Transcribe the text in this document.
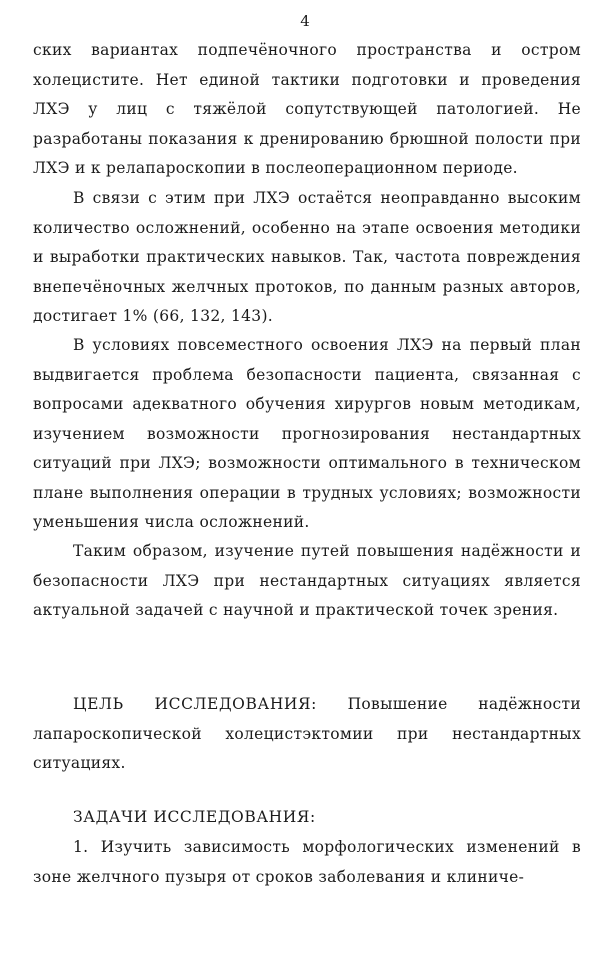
4

ских вариантах подпечёночного пространства и остром холецистите. Нет единой тактики подготовки и проведения ЛХЭ у лиц с тяжёлой сопутствующей патологией. Не разработаны показания к дренированию брюшной полости при ЛХЭ и к релапароскопии в послеоперационном периоде.

В связи с этим при ЛХЭ остаётся неоправданно высоким количество осложнений, особенно на этапе освоения методики и выработки практических навыков. Так, частота повреждения внепечёночных желчных протоков, по данным разных авторов, достигает 1% (66, 132, 143).

В условиях повсеместного освоения ЛХЭ на первый план выдвигается проблема безопасности пациента, связанная с вопросами адекватного обучения хирургов новым методикам, изучением возможности прогнозирования нестандартных ситуаций при ЛХЭ; возможности оптимального в техническом плане выполнения операции в трудных условиях; возможности уменьшения числа осложнений.

Таким образом, изучение путей повышения надёжности и безопасности ЛХЭ при нестандартных ситуациях является актуальной задачей с научной и практической точек зрения.

ЦЕЛЬ ИССЛЕДОВАНИЯ: Повышение надёжности лапароскопической холецистэктомии при нестандартных ситуациях.

ЗАДАЧИ ИССЛЕДОВАНИЯ:

1. Изучить зависимость морфологических изменений в зоне желчного пузыря от сроков заболевания и клиниче-
